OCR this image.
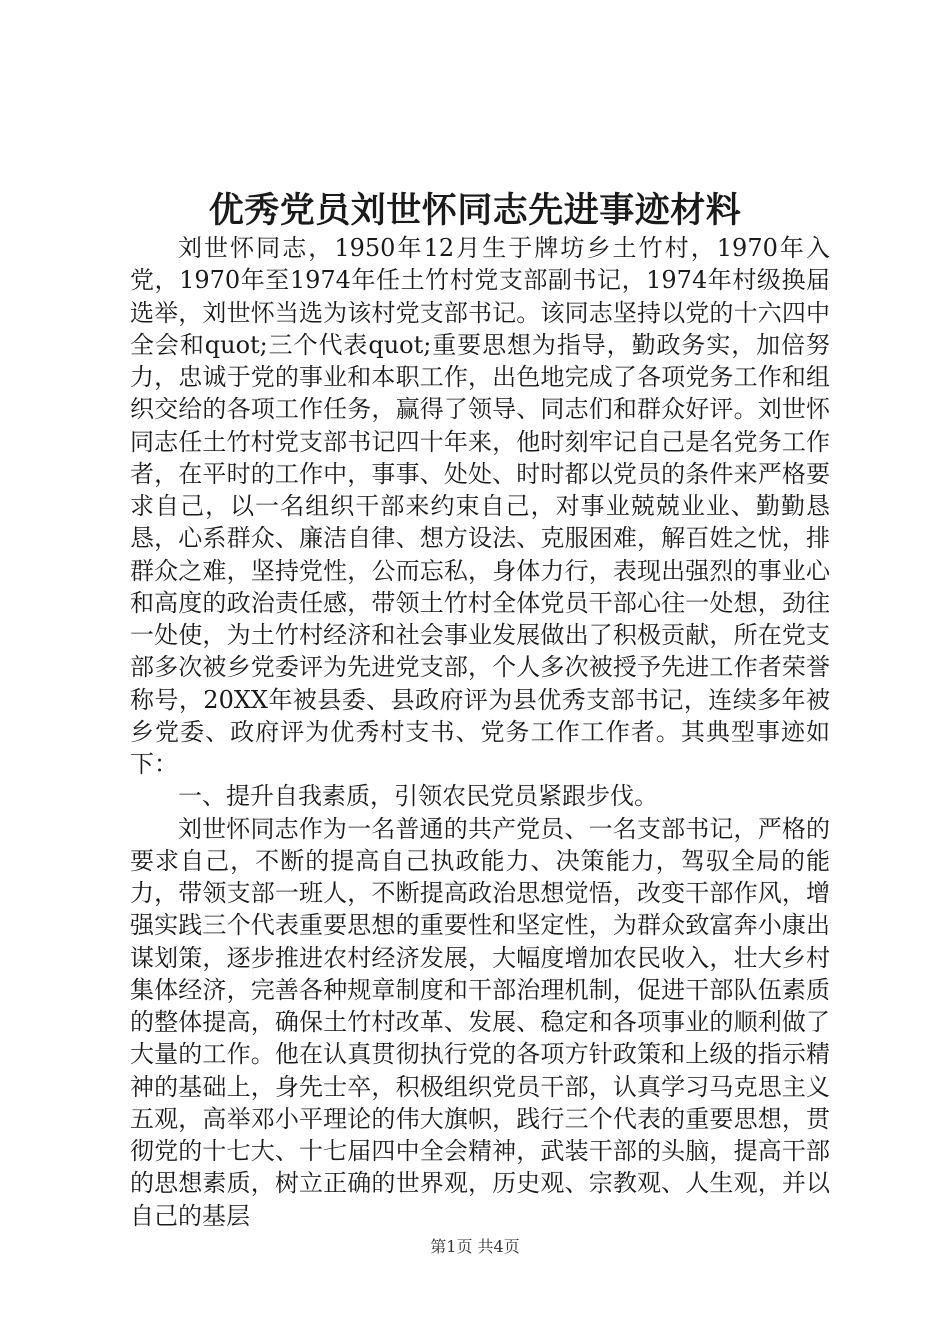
优秀党员刘世怀同志先进事迹材料

刘世怀同志，1950年12月生于牌坊乡土竹村，1970年入党，1970年至1974年任土竹村党支部副书记，1974年村级换届选举，刘世怀当选为该村党支部书记。该同志坚持以党的十六四中全会和quot;三个代表quot;重要思想为指导，勤政务实，加倍努力，忠诚于党的事业和本职工作，出色地完成了各项党务工作和组织交给的各项工作任务，赢得了领导、同志们和群众好评。刘世怀同志任土竹村党支部书记四十年来，他时刻牢记自己是名党务工作者，在平时的工作中，事事、处处、时时都以党员的条件来严格要求自己，以一名组织干部来约束自己，对事业兢兢业业、勤勤恳恳，心系群众、廉洁自律、想方设法、克服困难，解百姓之忧，排群众之难，坚持党性，公而忘私，身体力行，表现出强烈的事业心和高度的政治责任感，带领土竹村全体党员干部心往一处想，劲往一处使，为土竹村经济和社会事业发展做出了积极贡献，所在党支部多次被乡党委评为先进党支部，个人多次被授予先进工作者荣誉称号，20XX年被县委、县政府评为县优秀支部书记，连续多年被乡党委、政府评为优秀村支书、党务工作工作者。其典型事迹如下：

一、提升自我素质，引领农民党员紧跟步伐。

刘世怀同志作为一名普通的共产党员、一名支部书记，严格的要求自己，不断的提高自己执政能力、决策能力，驾驭全局的能力，带领支部一班人，不断提高政治思想觉悟，改变干部作风，增强实践三个代表重要思想的重要性和坚定性，为群众致富奔小康出谋划策，逐步推进农村经济发展，大幅度增加农民收入，壮大乡村集体经济，完善各种规章制度和干部治理机制，促进干部队伍素质的整体提高，确保土竹村改革、发展、稳定和各项事业的顺利做了大量的工作。他在认真贯彻执行党的各项方针政策和上级的指示精神的基础上，身先士卒，积极组织党员干部，认真学习马克思主义五观，高举邓小平理论的伟大旗帜，践行三个代表的重要思想，贯彻党的十七大、十七届四中全会精神，武装干部的头脑，提高干部的思想素质，树立正确的世界观，历史观、宗教观、人生观，并以自己的基层

第1页 共4页
